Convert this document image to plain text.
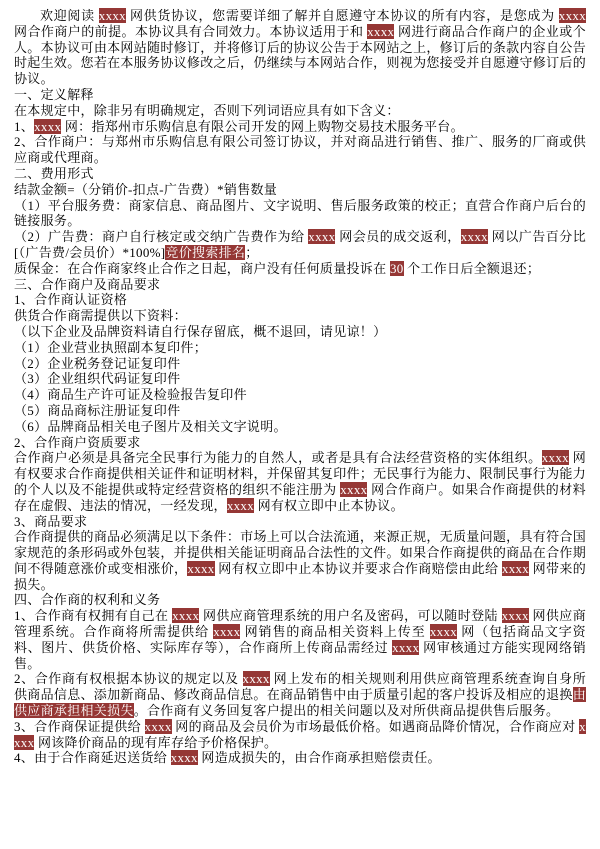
欢迎阅读 xxxx 网供货协议，您需要详细了解并自愿遵守本协议的所有内容，是您成为 xxxx 网合作商户的前提。本协议具有合同效力。本协议适用于和 xxxx 网进行商品合作商户的企业或个人。本协议可由本网站随时修订，并将修订后的协议公告于本网站之上，修订后的条款内容自公告时起生效。您若在本服务协议修改之后，仍继续与本网站合作，则视为您接受并自愿遵守修订后的协议。

一、定义解释

在本规定中，除非另有明确规定，否则下列词语应具有如下含义：

1、xxxx 网：指郑州市乐购信息有限公司开发的网上购物交易技术服务平台。

2、合作商户：与郑州市乐购信息有限公司签订协议，并对商品进行销售、推广、服务的厂商或供应商或代理商。

二、费用形式

结款金额=（分销价-扣点-广告费）*销售数量

（1）平台服务费：商家信息、商品图片、文字说明、售后服务政策的校正；直营合作商户后台的链接服务。

（2）广告费：商户自行核定或交纳广告费作为给 xxxx 网会员的成交返利，xxxx 网以广告百分比[（广告费/会员价）*100%]竞价搜索排名；

质保金：在合作商家终止合作之日起，商户没有任何质量投诉在 30 个工作日后全额退还；

三、合作商户及商品要求

1、合作商认证资格

供货合作商需提供以下资料：

（以下企业及品牌资料请自行保存留底，概不退回，请见谅！）

（1）企业营业执照副本复印件；

（2）企业税务登记证复印件

（3）企业组织代码证复印件

（4）商品生产许可证及检验报告复印件

（5）商品商标注册证复印件

（6）品牌商品相关电子图片及相关文字说明。

2、合作商户资质要求

合作商户必须是具备完全民事行为能力的自然人，或者是具有合法经营资格的实体组织。xxxx 网有权要求合作商提供相关证件和证明材料，并保留其复印件；无民事行为能力、限制民事行为能力的个人以及不能提供或特定经营资格的组织不能注册为 xxxx 网合作商户。如果合作商提供的材料存在虚假、违法的情况，一经发现，xxxx 网有权立即中止本协议。

3、商品要求

合作商提供的商品必须满足以下条件：市场上可以合法流通，来源正规，无质量问题，具有符合国家规范的条形码或外包装，并提供相关能证明商品合法性的文件。如果合作商提供的商品在合作期间不得随意涨价或变相涨价，xxxx 网有权立即中止本协议并要求合作商赔偿由此给 xxxx 网带来的损失。

四、合作商的权利和义务

1、合作商有权拥有自己在 xxxx 网供应商管理系统的用户名及密码，可以随时登陆 xxxx 网供应商管理系统。合作商将所需提供给 xxxx 网销售的商品相关资料上传至 xxxx 网（包括商品文字资料、图片、供货价格、实际库存等），合作商所上传商品需经过 xxxx 网审核通过方能实现网络销售。

2、合作商有权根据本协议的规定以及 xxxx 网上发布的相关规则利用供应商管理系统查询自身所供商品信息、添加新商品、修改商品信息。在商品销售中由于质量引起的客户投诉及相应的退换由供应商承担相关损失。合作商有义务回复客户提出的相关问题以及对所供商品提供售后服务。

3、合作商保证提供给 xxxx 网的商品及会员价为市场最低价格。如遇商品降价情况，合作商应对 xxxx 网该降价商品的现有库存给予价格保护。

4、由于合作商延迟送货给 xxxx 网造成损失的，由合作商承担赔偿责任。
